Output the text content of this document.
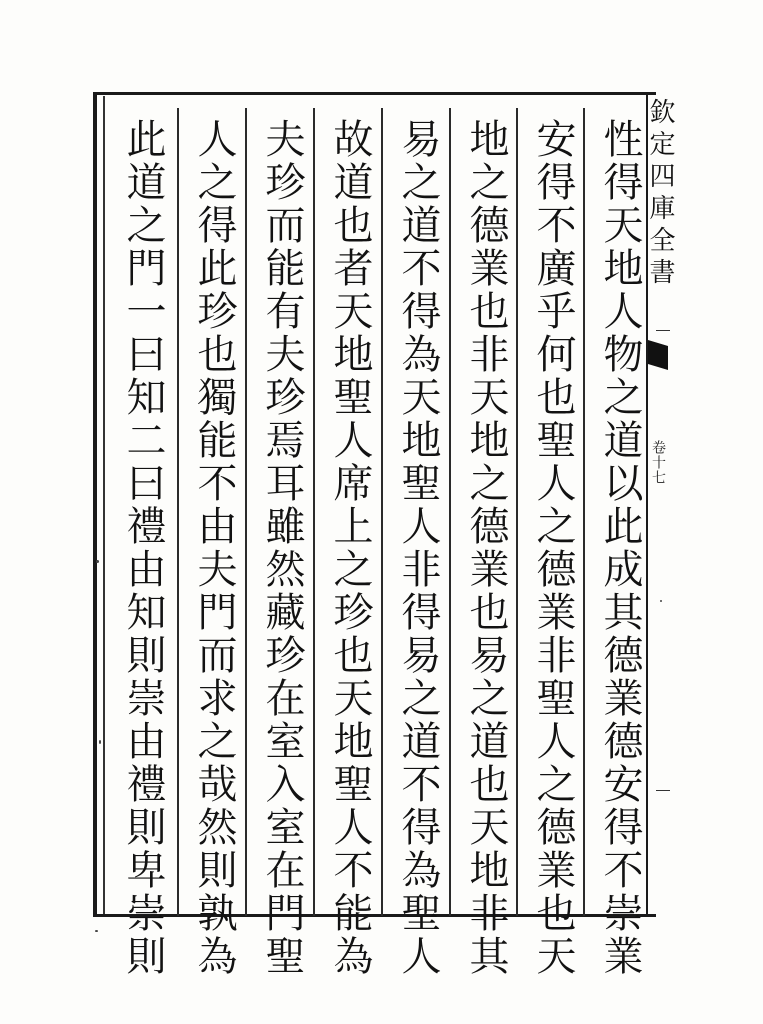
性得天地人物之道以此成其德業德安得不崇業
安得不廣乎何也聖人之德業非聖人之德業也天
地之德業也非天地之德業也易之道也天地非其
易之道不得為天地聖人非得易之道不得為聖人
故道也者天地聖人席上之珍也天地聖人不能為
夫珍而能有夫珍焉耳雖然藏珍在室入室在門聖
人之得此珍也獨能不由夫門而求之哉然則孰為
此道之門一曰知二曰禮由知則崇由禮則卑崇則	欽定四庫全書
卷十七
